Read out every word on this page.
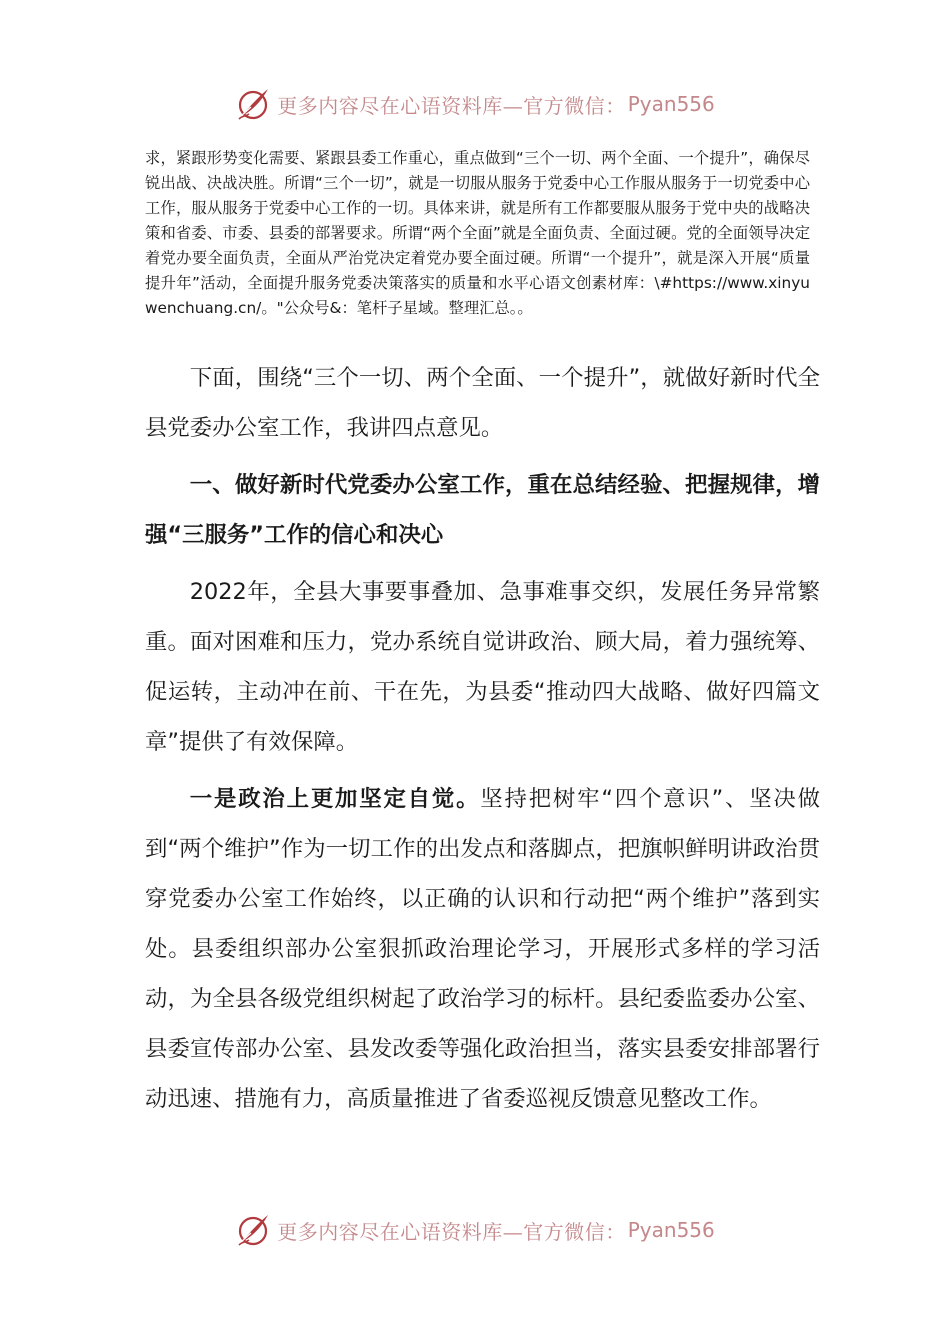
更多内容尽在心语资料库—官方微信： Pyan556

求，紧跟形势变化需要、紧跟县委工作重心，重点做到“三个一切、两个全面、一个提升”，确保尽锐出战、决战决胜。所谓“三个一切”，就是一切服从服务于党委中心工作服从服务于一切党委中心工作，服从服务于党委中心工作的一切。具体来讲，就是所有工作都要服从服务于党中央的战略决策和省委、市委、县委的部署要求。所谓“两个全面”就是全面负责、全面过硬。党的全面领导决定着党办要全面负责，全面从严治党决定着党办要全面过硬。所谓“一个提升”，就是深入开展“质量提升年”活动，全面提升服务党委决策落实的质量和水平心语文创素材库：\#https://www.xinyuwenchuang.cn/。"公众号&：笔杆子星域。整理汇总。。

下面，围绕“三个一切、两个全面、一个提升”，就做好新时代全县党委办公室工作，我讲四点意见。

一、做好新时代党委办公室工作，重在总结经验、把握规律，增强“三服务”工作的信心和决心

2022年，全县大事要事叠加、急事难事交织，发展任务异常繁重。面对困难和压力，党办系统自觉讲政治、顾大局，着力强统筹、促运转，主动冲在前、干在先，为县委“推动四大战略、做好四篇文章”提供了有效保障。

一是政治上更加坚定自觉。坚持把树牢“四个意识”、坚决做到“两个维护”作为一切工作的出发点和落脚点，把旗帜鲜明讲政治贯穿党委办公室工作始终，以正确的认识和行动把“两个维护”落到实处。县委组织部办公室狠抓政治理论学习，开展形式多样的学习活动，为全县各级党组织树起了政治学习的标杆。县纪委监委办公室、县委宣传部办公室、县发改委等强化政治担当，落实县委安排部署行动迅速、措施有力，高质量推进了省委巡视反馈意见整改工作。

更多内容尽在心语资料库—官方微信： Pyan556
